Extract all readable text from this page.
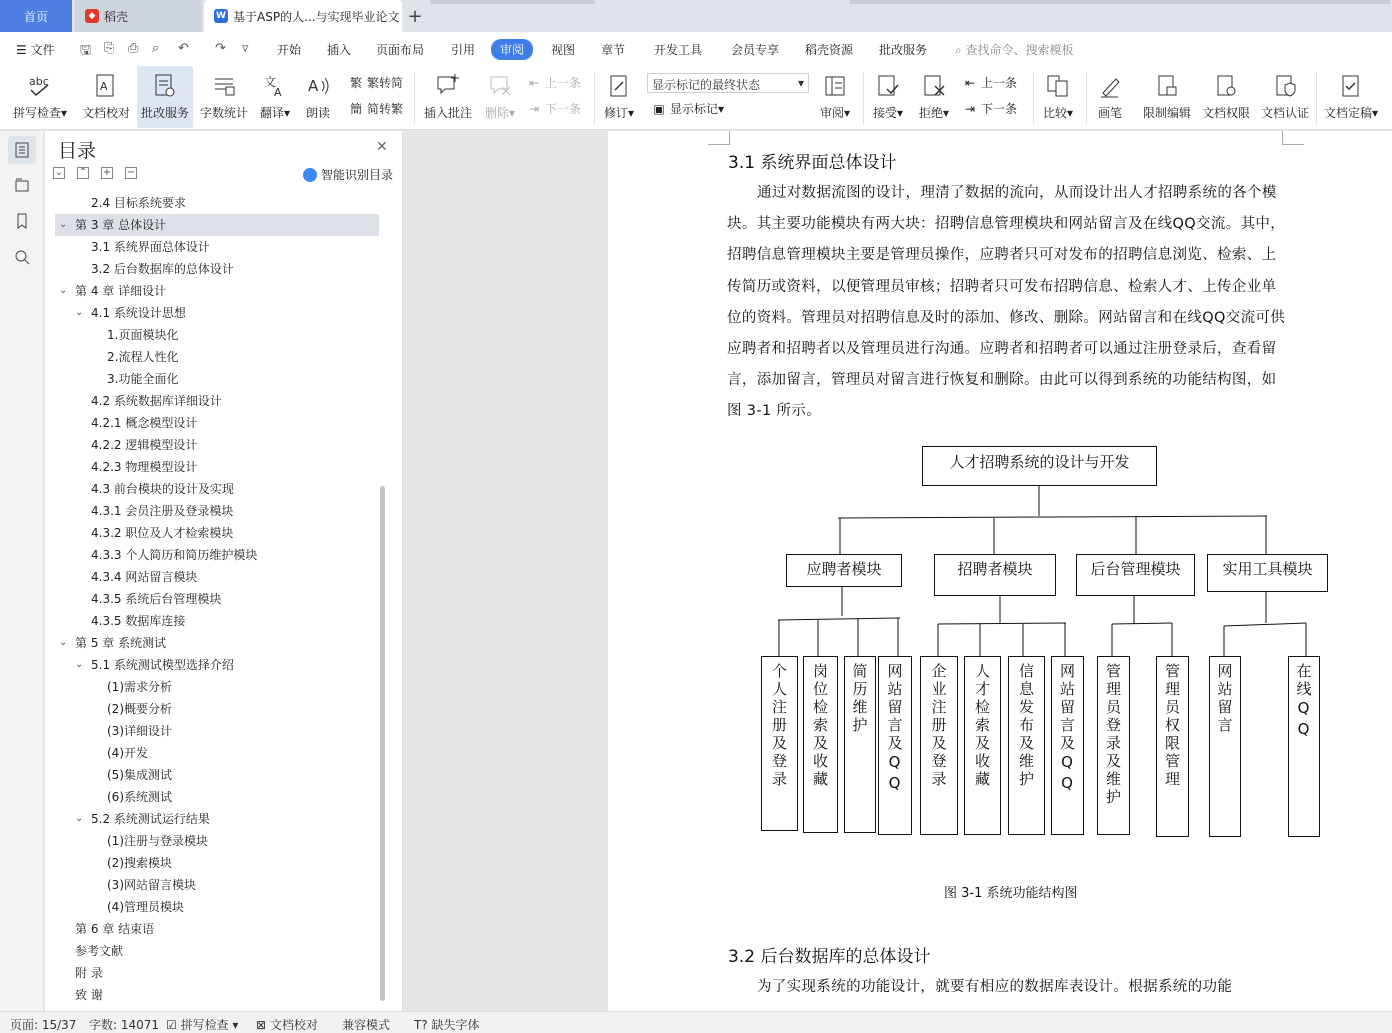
首页	◆ 稻壳	W 基于ASP的人...与实现毕业论文 +
☰ 文件 🖫 ⎘ ⎙ ⌕ ↶ ↷ ▿ 开始 插入 页面布局 引用	审阅	视图 章节 开发工具 会员专享 稻壳资源 批改服务 ⌕ 查找命令、搜索模板
abc
拼写检查▾
A
文档校对 批改服务 字数统计
文
A
翻译▾
A
朗读
繁 繁转简
簡 简转繁 插入批注 删除▾
⇤ 上一条
⇥ 下一条 修订▾
显示标记的最终状态	▾
▣ 显示标记 ▾	审阅▾ 接受▾ 拒绝▾
⇤ 上一条
⇥ 下一条 比较▾ 画笔 限制编辑 文档权限 文档认证 文档定稿▾
目录	✕
⌄ ⌃ + −	智能识别目录
2.4 目标系统要求
⌄ 第 3 章 总体设计
3.1 系统界面总体设计
3.2 后台数据库的总体设计
⌄ 第 4 章 详细设计
⌄ 4.1 系统设计思想
1.页面模块化
2.流程人性化
3.功能全面化
4.2 系统数据库详细设计
4.2.1 概念模型设计
4.2.2 逻辑模型设计
4.2.3 物理模型设计
4.3 前台模块的设计及实现
4.3.1 会员注册及登录模块
4.3.2 职位及人才检索模块
4.3.3 个人简历和简历维护模块
4.3.4 网站留言模块
4.3.5 系统后台管理模块
4.3.5 数据库连接
⌄ 第 5 章 系统测试
⌄ 5.1 系统测试模型选择介绍
(1)需求分析
(2)概要分析
(3)详细设计
(4)开发
(5)集成测试
(6)系统测试
⌄ 5.2 系统测试运行结果
(1)注册与登录模块
(2)搜索模块
(3)网站留言模块
(4)管理员模块
第 6 章 结束语
参考文献
附 录
致 谢
3.1 系统界面总体设计
通过对数据流图的设计，理清了数据的流向，从而设计出人才招聘系统的各个模块。其主要功能模块有两大块：招聘信息管理模块和网站留言及在线QQ交流。其中，招聘信息管理模块主要是管理员操作，应聘者只可对发布的招聘信息浏览、检索、上传简历或资料，以便管理员审核；招聘者只可发布招聘信息、检索人才、上传企业单位的资料。管理员对招聘信息及时的添加、修改、删除。网站留言和在线QQ交流可供应聘者和招聘者以及管理员进行沟通。应聘者和招聘者可以通过注册登录后，查看留言，添加留言，管理员对留言进行恢复和删除。由此可以得到系统的功能结构图，如图 3-1 所示。
人才招聘系统的设计与开发
应聘者模块	招聘者模块	后台管理模块	实用工具模块
个人注册及登录	岗位检索及收藏	简历维护	网站留言及QQ	企业注册及登录	人才检索及收藏	信息发布及维护	网站留言及QQ	管理员登录及维护	管理员权限管理	网站留言	在线QQ
图 3-1 系统功能结构图
3.2 后台数据库的总体设计
为了实现系统的功能设计，就要有相应的数据库表设计。根据系统的功能
页面: 15/37 字数: 14071 ☑ 拼写检查 ▾ ⊠ 文档校对 兼容模式 T? 缺失字体
